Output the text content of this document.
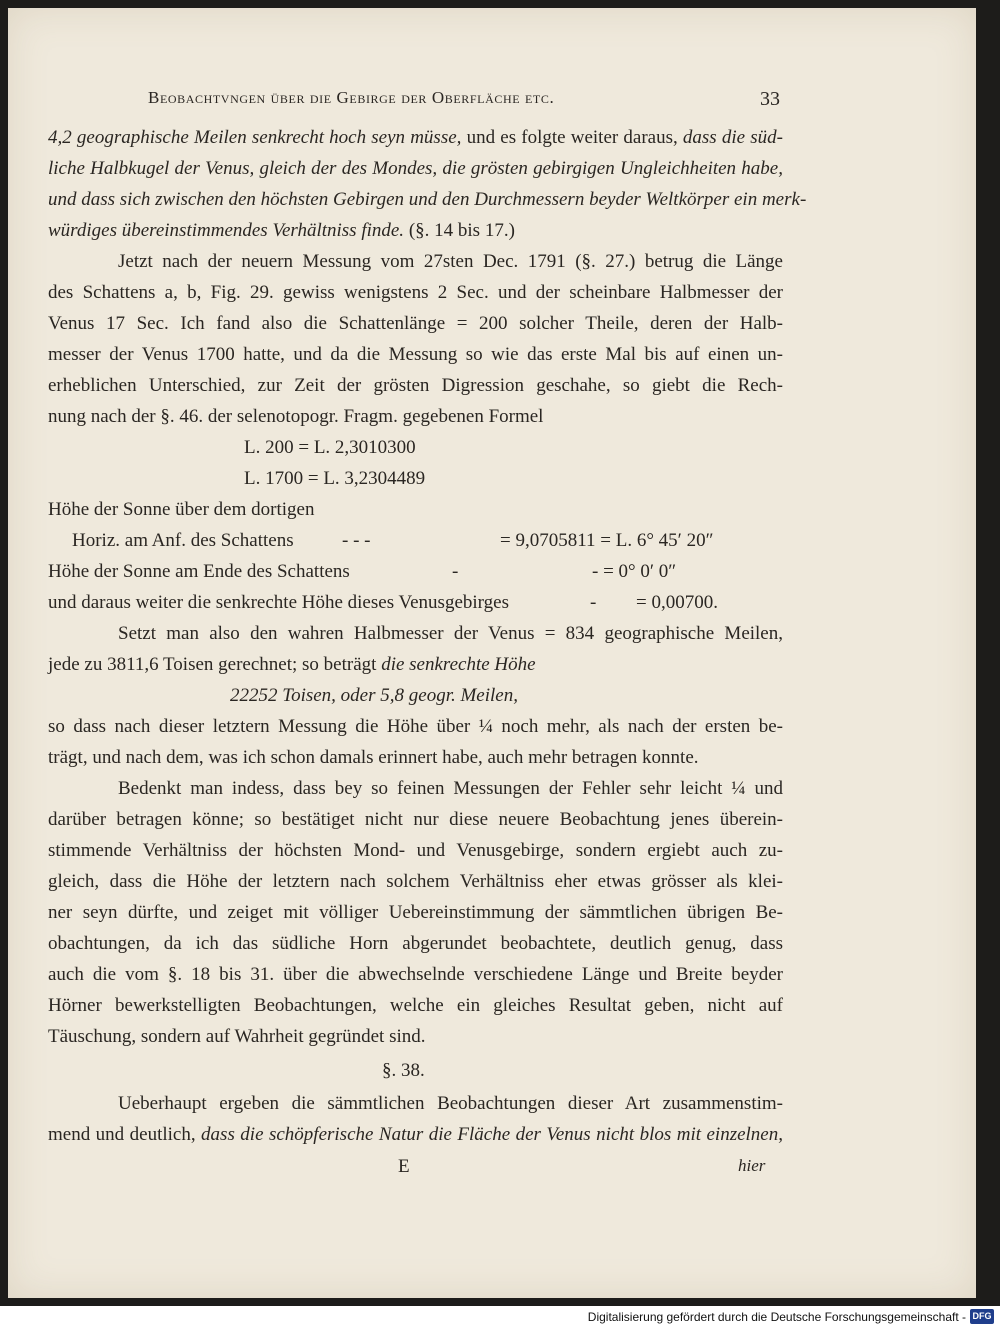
Beobachtvngen über die Gebirge der Oberfläche etc.	33
4,2 geographische Meilen senkrecht hoch seyn müsse, und es folgte weiter daraus, dass die süd-
liche Halbkugel der Venus, gleich der des Mondes, die grösten gebirgigen Ungleichheiten habe,
und dass sich zwischen den höchsten Gebirgen und den Durchmessern beyder Weltkörper ein merk-
würdiges übereinstimmendes Verhältniss finde. (§. 14 bis 17.)
Jetzt nach der neuern Messung vom 27sten Dec. 1791 (§. 27.) betrug die Länge
des Schattens a, b, Fig. 29. gewiss wenigstens 2 Sec. und der scheinbare Halbmesser der
Venus 17 Sec. Ich fand also die Schattenlänge = 200 solcher Theile, deren der Halb-
messer der Venus 1700 hatte, und da die Messung so wie das erste Mal bis auf einen un-
erheblichen Unterschied, zur Zeit der grösten Digression geschahe, so giebt die Rech-
nung nach der §. 46. der selenotopogr. Fragm. gegebenen Formel
L. 200 = L. 2,3010300
L. 1700 = L. 3,2304489
Höhe der Sonne über dem dortigen
Horiz. am Anf. des Schattens	- - -	= 9,0705811 = L. 6° 45′ 20″
Höhe der Sonne am Ende des Schattens	-	- = 0° 0′ 0″
und daraus weiter die senkrechte Höhe dieses Venusgebirges	- = 0,00700.
Setzt man also den wahren Halbmesser der Venus = 834 geographische Meilen,
jede zu 3811,6 Toisen gerechnet; so beträgt die senkrechte Höhe
22252 Toisen, oder 5,8 geogr. Meilen,
so dass nach dieser letztern Messung die Höhe über ¼ noch mehr, als nach der ersten be-
trägt, und nach dem, was ich schon damals erinnert habe, auch mehr betragen konnte.
Bedenkt man indess, dass bey so feinen Messungen der Fehler sehr leicht ¼ und
darüber betragen könne; so bestätiget nicht nur diese neuere Beobachtung jenes überein-
stimmende Verhältniss der höchsten Mond- und Venusgebirge, sondern ergiebt auch zu-
gleich, dass die Höhe der letztern nach solchem Verhältniss eher etwas grösser als klei-
ner seyn dürfte, und zeiget mit völliger Uebereinstimmung der sämmtlichen übrigen Be-
obachtungen, da ich das südliche Horn abgerundet beobachtete, deutlich genug, dass
auch die vom §. 18 bis 31. über die abwechselnde verschiedene Länge und Breite beyder
Hörner bewerkstelligten Beobachtungen, welche ein gleiches Resultat geben, nicht auf
Täuschung, sondern auf Wahrheit gegründet sind.
§. 38.
Ueberhaupt ergeben die sämmtlichen Beobachtungen dieser Art zusammenstim-
mend und deutlich, dass die schöpferische Natur die Fläche der Venus nicht blos mit einzelnen,
E	hier
Digitalisierung gefördert durch die Deutsche Forschungsgemeinschaft - DFG
